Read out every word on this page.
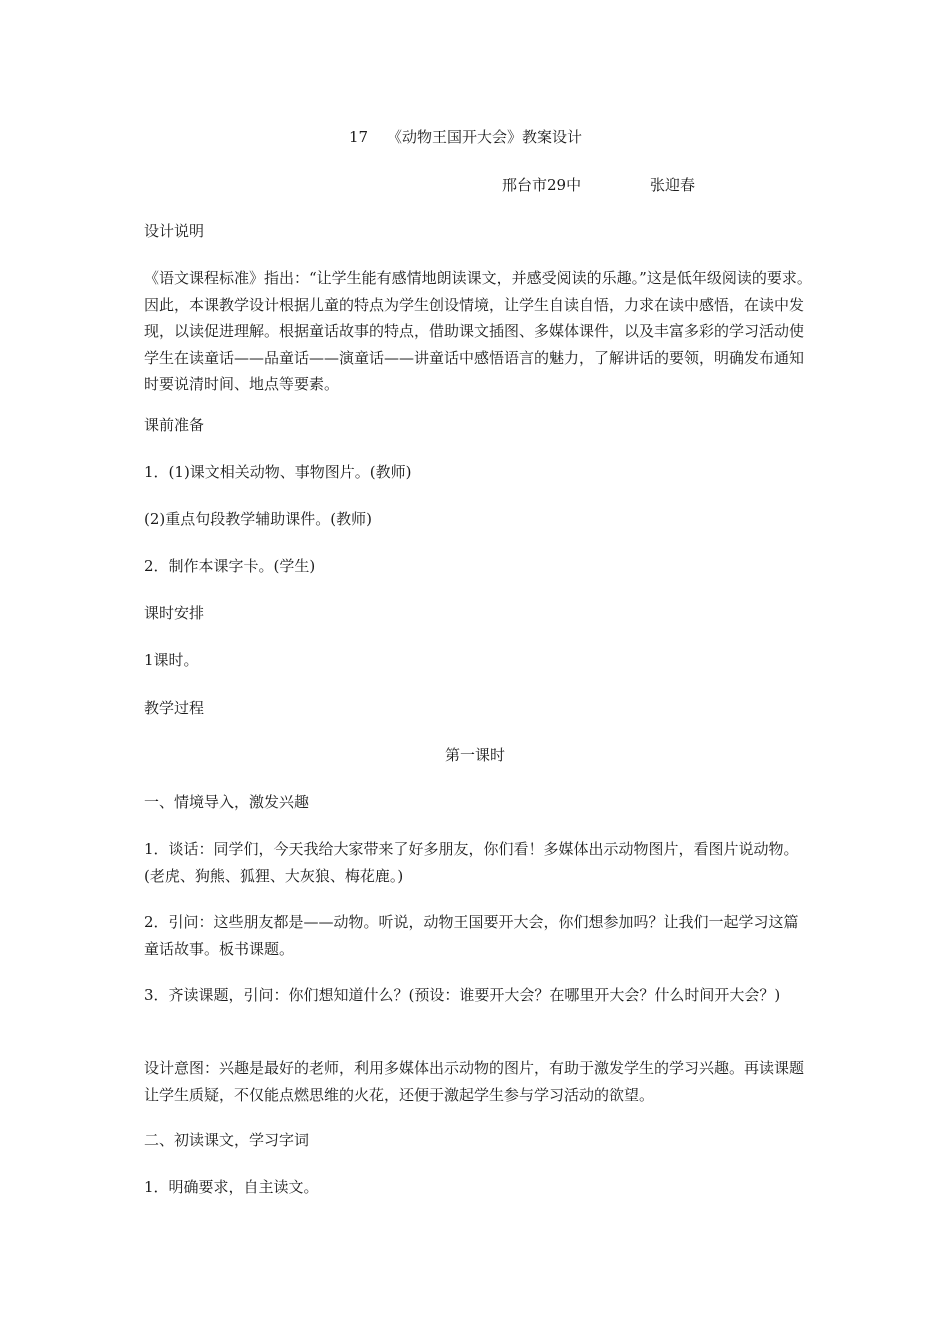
17 《动物王国开大会》教案设计
邢台市29中	张迎春
设计说明
《语文课程标准》指出：“让学生能有感情地朗读课文，并感受阅读的乐趣。”这是低年级阅读的要求。因此，本课教学设计根据儿童的特点为学生创设情境，让学生自读自悟，力求在读中感悟，在读中发现，以读促进理解。根据童话故事的特点，借助课文插图、多媒体课件，以及丰富多彩的学习活动使学生在读童话——品童话——演童话——讲童话中感悟语言的魅力，了解讲话的要领，明确发布通知时要说清时间、地点等要素。
课前准备
1．(1)课文相关动物、事物图片。(教师)
(2)重点句段教学辅助课件。(教师)
2．制作本课字卡。(学生)
课时安排
1课时。
教学过程
第一课时
一、情境导入，激发兴趣
1．谈话：同学们，今天我给大家带来了好多朋友，你们看！多媒体出示动物图片，看图片说动物。(老虎、狗熊、狐狸、大灰狼、梅花鹿。)
2．引问：这些朋友都是——动物。听说，动物王国要开大会，你们想参加吗？让我们一起学习这篇童话故事。板书课题。
3．齐读课题，引问：你们想知道什么？(预设：谁要开大会？在哪里开大会？什么时间开大会？)
设计意图：兴趣是最好的老师，利用多媒体出示动物的图片，有助于激发学生的学习兴趣。再读课题让学生质疑，不仅能点燃思维的火花，还便于激起学生参与学习活动的欲望。
二、初读课文，学习字词
1．明确要求，自主读文。
